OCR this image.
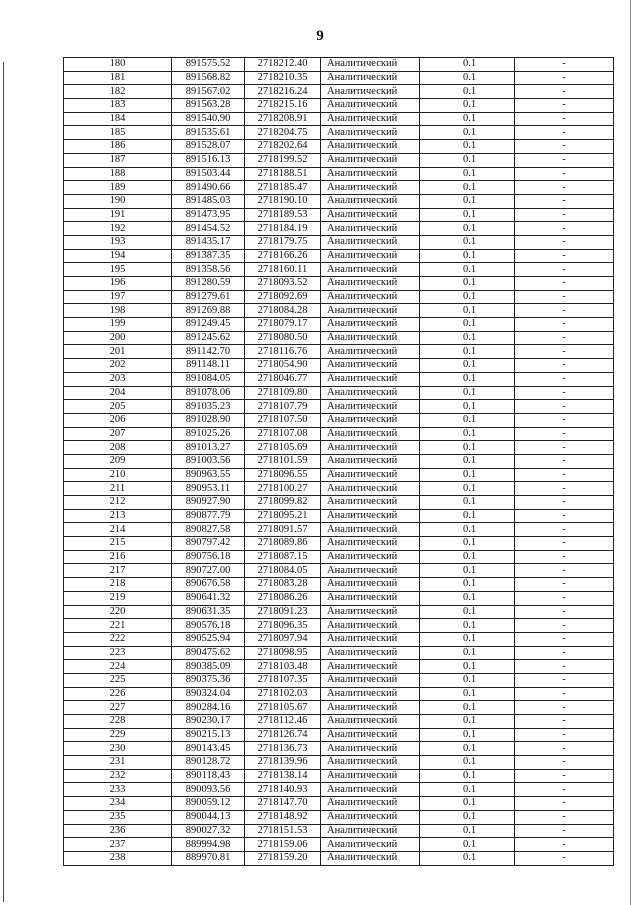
9
180	891575.52	2718212.40	Аналитический	0.1	-
181	891568.82	2718210.35	Аналитический	0.1	-
182	891567.02	2718216.24	Аналитический	0.1	-
183	891563.28	2718215.16	Аналитический	0.1	-
184	891540.90	2718208.91	Аналитический	0.1	-
185	891535.61	2718204.75	Аналитический	0.1	-
186	891528.07	2718202.64	Аналитический	0.1	-
187	891516.13	2718199.52	Аналитический	0.1	-
188	891503.44	2718188.51	Аналитический	0.1	-
189	891490.66	2718185.47	Аналитический	0.1	-
190	891485.03	2718190.10	Аналитический	0.1	-
191	891473.95	2718189.53	Аналитический	0.1	-
192	891454.52	2718184.19	Аналитический	0.1	-
193	891435.17	2718179.75	Аналитический	0.1	-
194	891387.35	2718166.26	Аналитический	0.1	-
195	891358.56	2718160.11	Аналитический	0.1	-
196	891280.59	2718093.52	Аналитический	0.1	-
197	891279.61	2718092.69	Аналитический	0.1	-
198	891269.88	2718084.28	Аналитический	0.1	-
199	891249.45	2718079.17	Аналитический	0.1	-
200	891245.62	2718080.50	Аналитический	0.1	-
201	891142.70	2718116.76	Аналитический	0.1	-
202	891148.11	2718054.90	Аналитический	0.1	-
203	891084.05	2718046.77	Аналитический	0.1	-
204	891078.06	2718109.80	Аналитический	0.1	-
205	891035.23	2718107.79	Аналитический	0.1	-
206	891028.90	2718107.50	Аналитический	0.1	-
207	891025.26	2718107.08	Аналитический	0.1	-
208	891013.27	2718105.69	Аналитический	0.1	-
209	891003.56	2718101.59	Аналитический	0.1	-
210	890963.55	2718096.55	Аналитический	0.1	-
211	890953.11	2718100.27	Аналитический	0.1	-
212	890927.90	2718099.82	Аналитический	0.1	-
213	890877.79	2718095.21	Аналитический	0.1	-
214	890827.58	2718091.57	Аналитический	0.1	-
215	890797.42	2718089.86	Аналитический	0.1	-
216	890756.18	2718087.15	Аналитический	0.1	-
217	890727.00	2718084.05	Аналитический	0.1	-
218	890676.58	2718083.28	Аналитический	0.1	-
219	890641.32	2718086.26	Аналитический	0.1	-
220	890631.35	2718091.23	Аналитический	0.1	-
221	890576.18	2718096.35	Аналитический	0.1	-
222	890525.94	2718097.94	Аналитический	0.1	-
223	890475.62	2718098.95	Аналитический	0.1	-
224	890385.09	2718103.48	Аналитический	0.1	-
225	890375.36	2718107.35	Аналитический	0.1	-
226	890324.04	2718102.03	Аналитический	0.1	-
227	890284.16	2718105.67	Аналитический	0.1	-
228	890230.17	2718112.46	Аналитический	0.1	-
229	890215.13	2718126.74	Аналитический	0.1	-
230	890143.45	2718136.73	Аналитический	0.1	-
231	890128.72	2718139.96	Аналитический	0.1	-
232	890118.43	2718138.14	Аналитический	0.1	-
233	890093.56	2718140.93	Аналитический	0.1	-
234	890059.12	2718147.70	Аналитический	0.1	-
235	890044.13	2718148.92	Аналитический	0.1	-
236	890027.32	2718151.53	Аналитический	0.1	-
237	889994.98	2718159.06	Аналитический	0.1	-
238	889970.81	2718159.20	Аналитический	0.1	-
